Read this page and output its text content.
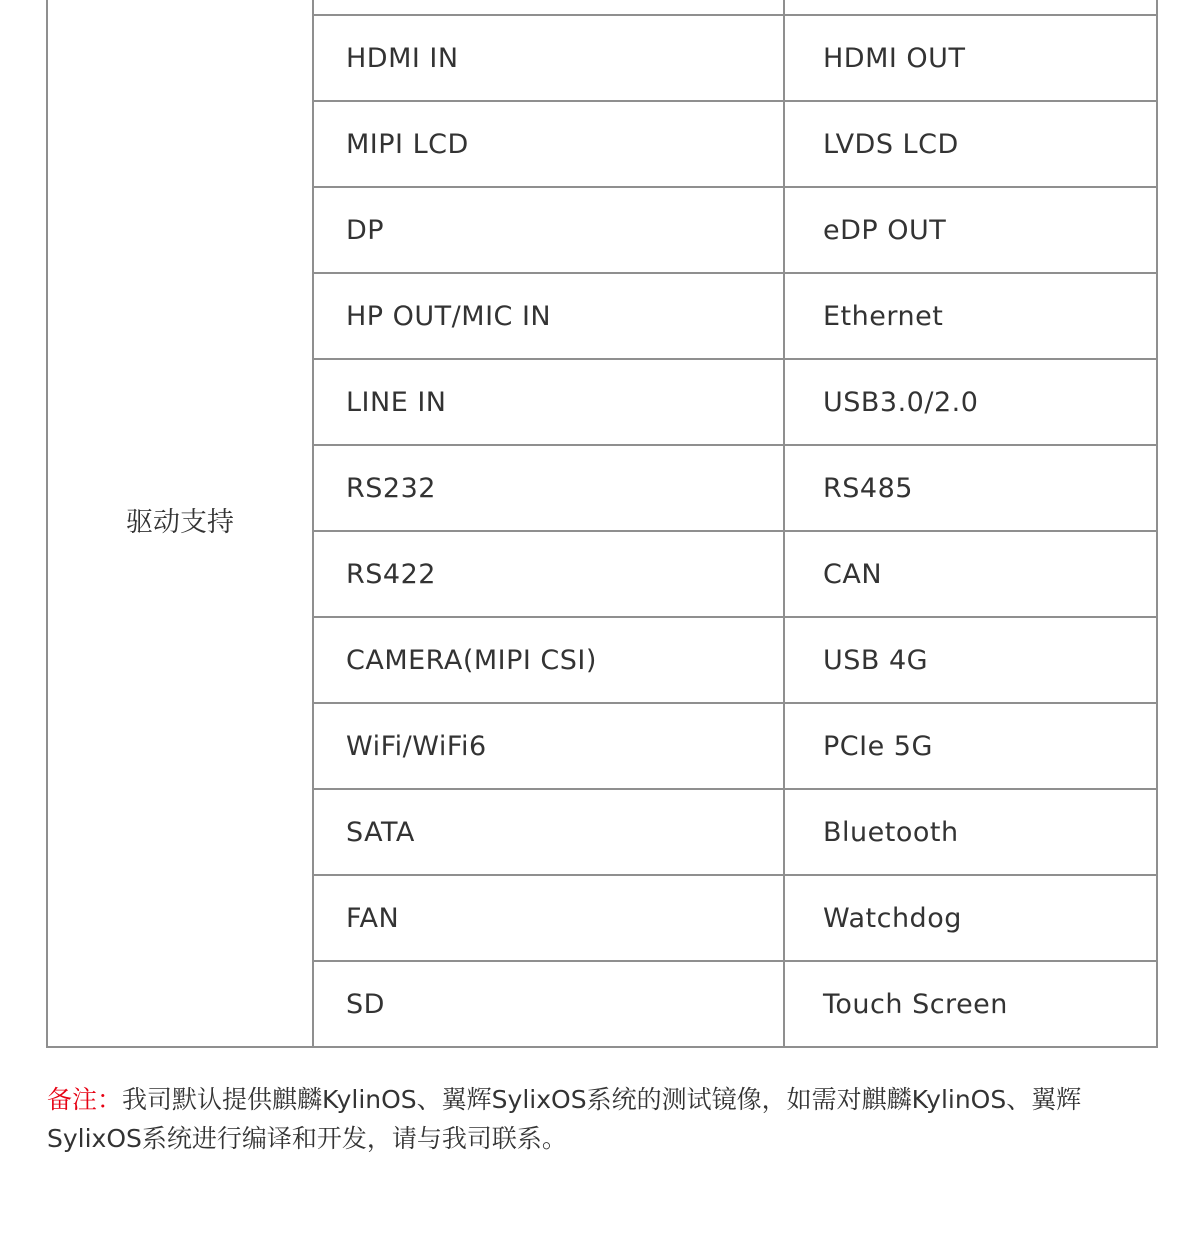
驱动支持		
	HDMI IN	HDMI OUT
	MIPI LCD	LVDS LCD
	DP	eDP OUT
	HP OUT/MIC IN	Ethernet
	LINE IN	USB3.0/2.0
	RS232	RS485
	RS422	CAN
	CAMERA(MIPI CSI)	USB 4G
	WiFi/WiFi6	PCIe 5G
	SATA	Bluetooth
	FAN	Watchdog
	SD	Touch Screen
备注：我司默认提供麒麟KylinOS、翼辉SylixOS系统的测试镜像，如需对麒麟KylinOS、翼辉SylixOS系统进行编译和开发，请与我司联系。
